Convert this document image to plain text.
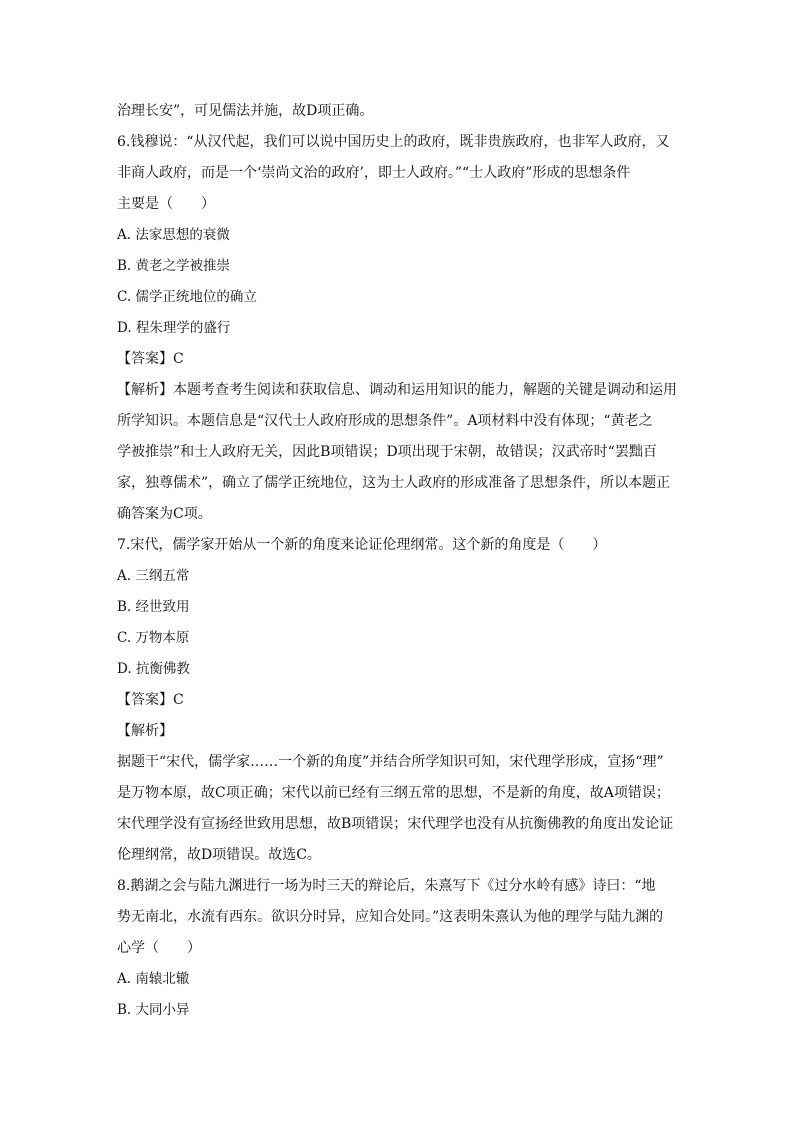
治理长安”，可见儒法并施，故D项正确。
6.钱穆说：“从汉代起，我们可以说中国历史上的政府，既非贵族政府，也非军人政府，又
非商人政府，而是一个‘崇尚文治的政府’，即士人政府。”“士人政府”形成的思想条件
主要是（　　）
A. 法家思想的衰微
B. 黄老之学被推崇
C. 儒学正统地位的确立
D. 程朱理学的盛行
【答案】C
【解析】本题考查考生阅读和获取信息、调动和运用知识的能力，解题的关键是调动和运用
所学知识。本题信息是“汉代士人政府形成的思想条件”。A项材料中没有体现；“黄老之
学被推崇”和士人政府无关，因此B项错误；D项出现于宋朝，故错误；汉武帝时“罢黜百
家，独尊儒术”，确立了儒学正统地位，这为士人政府的形成准备了思想条件，所以本题正
确答案为C项。
7.宋代，儒学家开始从一个新的角度来论证伦理纲常。这个新的角度是（　　）
A. 三纲五常
B. 经世致用
C. 万物本原
D. 抗衡佛教
【答案】C
【解析】
据题干“宋代，儒学家……一个新的角度”并结合所学知识可知，宋代理学形成，宣扬“理”
是万物本原，故C项正确；宋代以前已经有三纲五常的思想，不是新的角度，故A项错误；
宋代理学没有宣扬经世致用思想，故B项错误；宋代理学也没有从抗衡佛教的角度出发论证
伦理纲常，故D项错误。故选C。
8.鹅湖之会与陆九渊进行一场为时三天的辩论后，朱熹写下《过分水岭有感》诗曰：“地
势无南北，水流有西东。欲识分时异，应知合处同。”这表明朱熹认为他的理学与陆九渊的
心学（　　）
A. 南辕北辙
B. 大同小异
